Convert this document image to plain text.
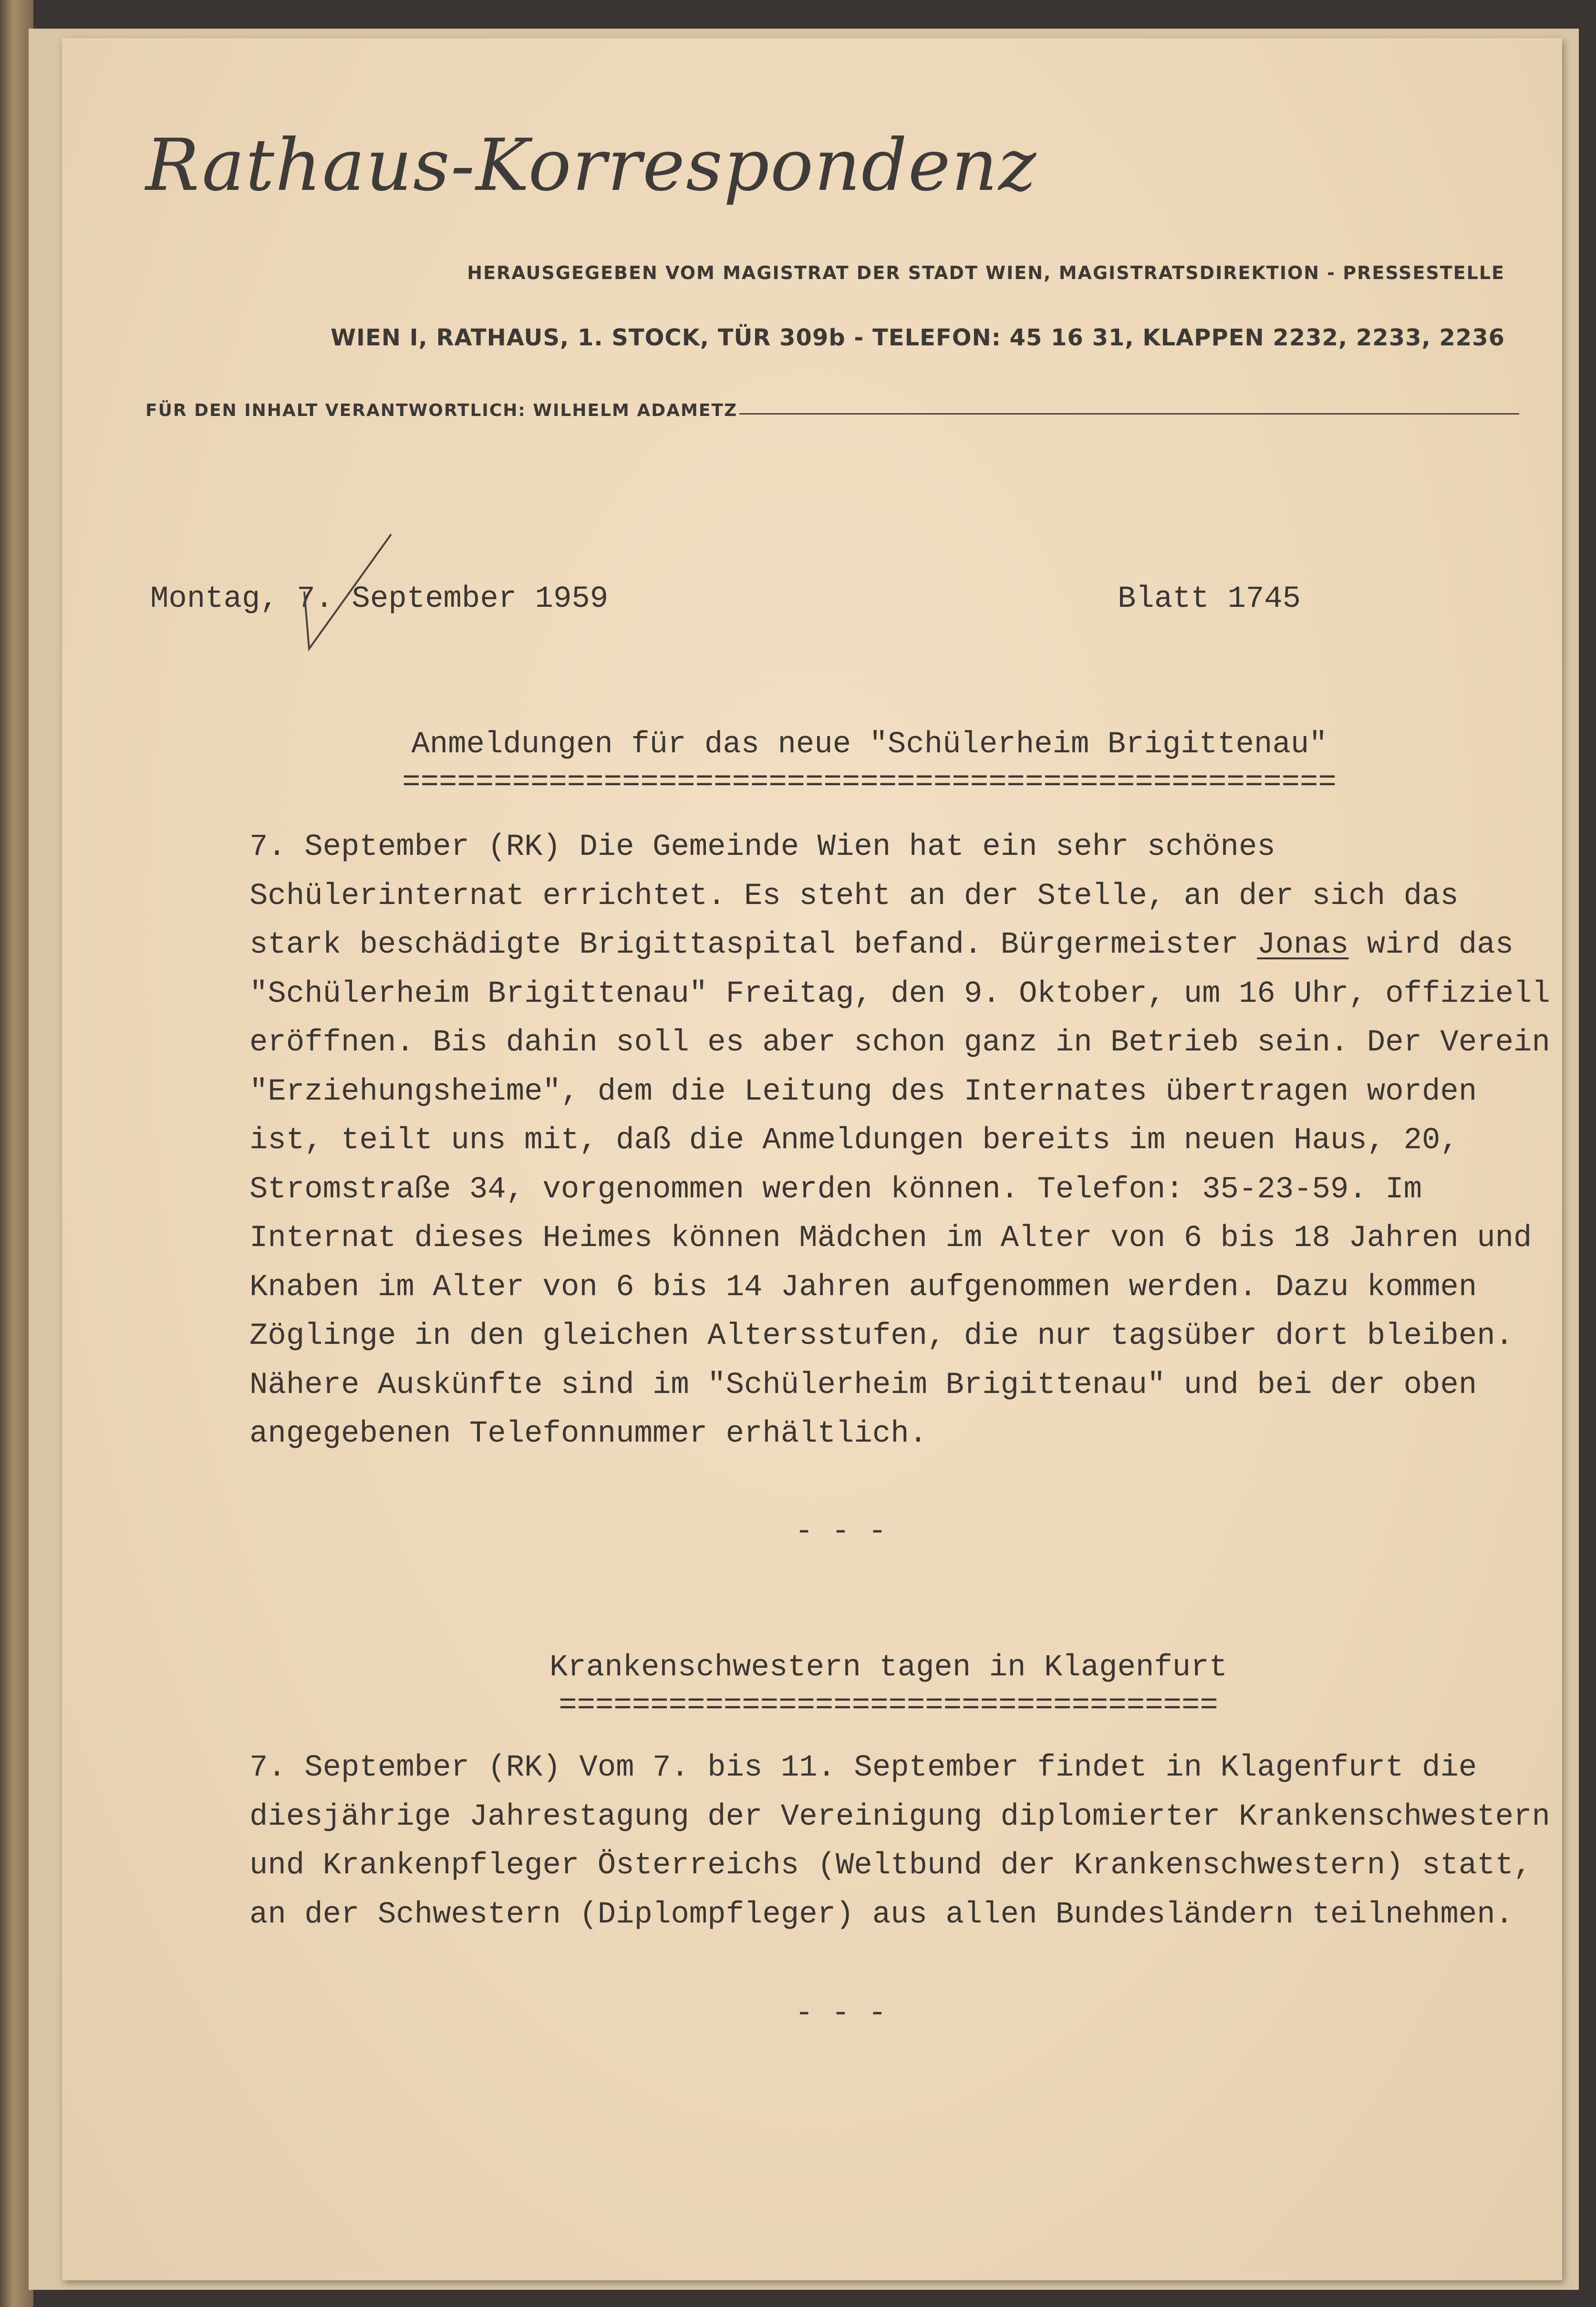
Rathaus-Korrespondenz
HERAUSGEGEBEN VOM MAGISTRAT DER STADT WIEN, MAGISTRATSDIREKTION - PRESSESTELLE
WIEN I, RATHAUS, 1. STOCK, TÜR 309b - TELEFON: 45 16 31, KLAPPEN 2232, 2233, 2236
FÜR DEN INHALT VERANTWORTLICH: WILHELM ADAMETZ
Montag, 7. September 1959	Blatt 1745
Anmeldungen für das neue "Schülerheim Brigittenau"
===================================================

7. September (RK) Die Gemeinde Wien hat ein sehr schönes Schülerinternat errichtet. Es steht an der Stelle, an der sich das stark beschädigte Brigittaspital befand. Bürgermeister Jonas wird das "Schülerheim Brigittenau" Freitag, den 9. Oktober, um 16 Uhr, offiziell eröffnen. Bis dahin soll es aber schon ganz in Betrieb sein. Der Verein "Erziehungsheime", dem die Leitung des Internates übertragen worden ist, teilt uns mit, daß die Anmeldungen bereits im neuen Haus, 20, Stromstraße 34, vorgenommen werden können. Telefon: 35-23-59. Im Internat dieses Heimes können Mädchen im Alter von 6 bis 18 Jahren und Knaben im Alter von 6 bis 14 Jahren aufgenommen werden. Dazu kommen Zöglinge in den gleichen Altersstufen, die nur tagsüber dort bleiben.

Nähere Auskünfte sind im "Schülerheim Brigittenau" und bei der oben angegebenen Telefonnummer erhältlich.

- - -
Krankenschwestern tagen in Klagenfurt
====================================

7. September (RK) Vom 7. bis 11. September findet in Klagenfurt die diesjährige Jahrestagung der Vereinigung diplomierter Krankenschwestern und Krankenpfleger Österreichs (Weltbund der Krankenschwestern) statt, an der Schwestern (Diplompfleger) aus allen Bundesländern teilnehmen.

- - -
